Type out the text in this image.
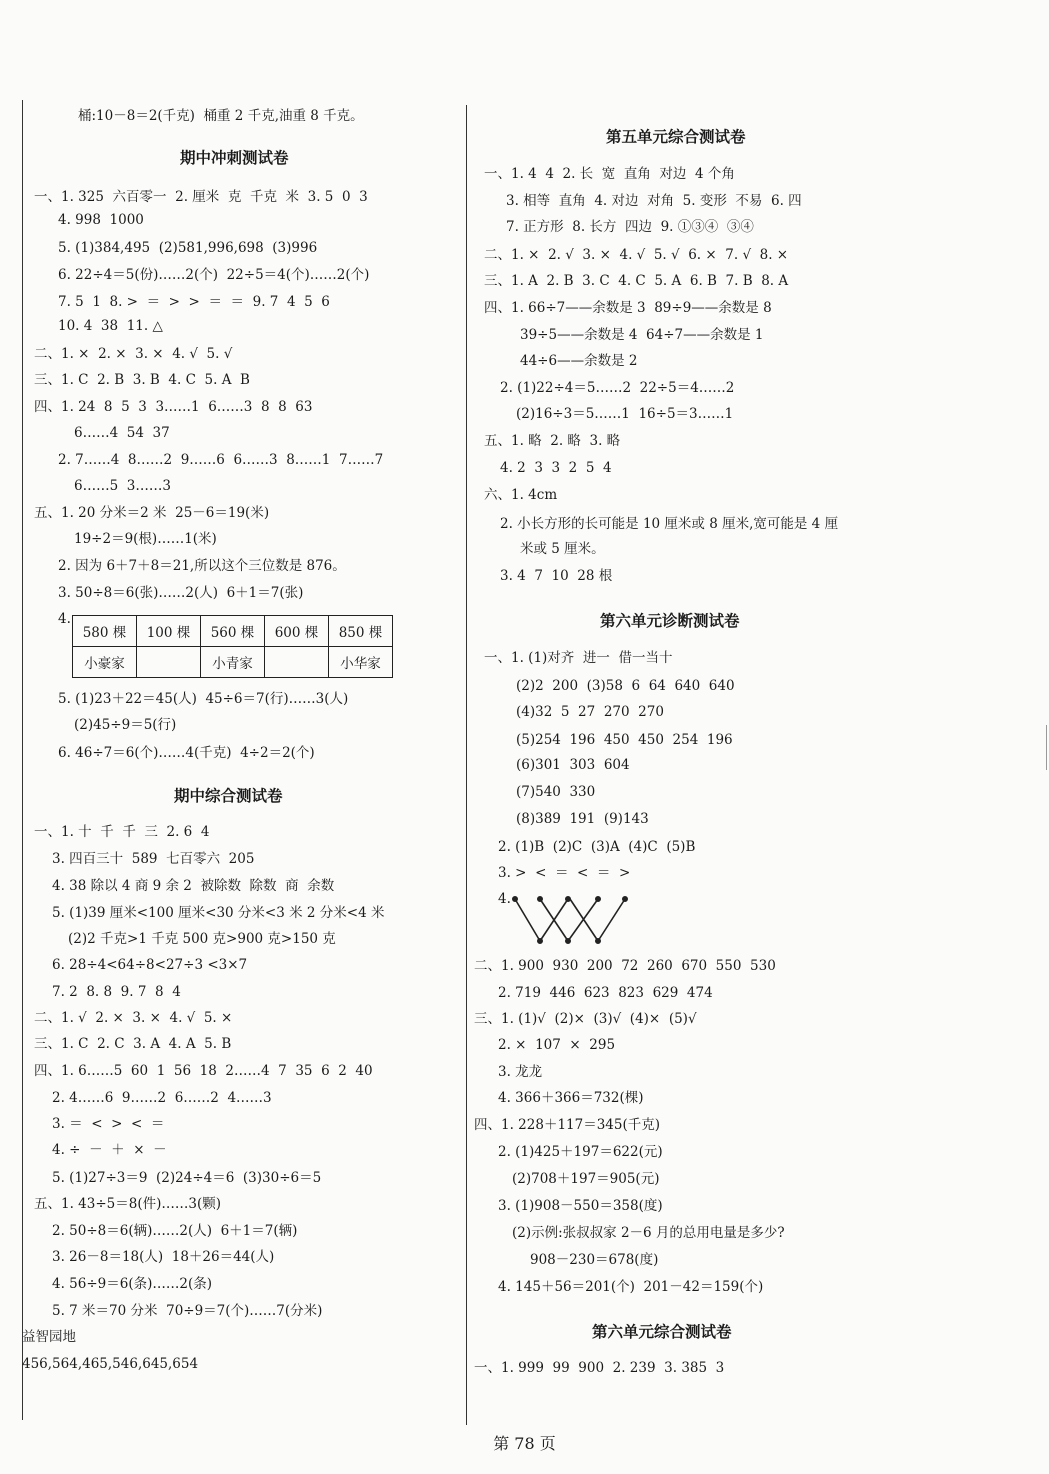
桶:10－8＝2(千克)  桶重 2 千克,油重 8 千克。
期中冲刺测试卷
一、1. 325  六百零一  2. 厘米  克  千克  米  3. 5  0  3
4. 998  1000
5. (1)384,495  (2)581,996,698  (3)996
6. 22÷4＝5(份)……2(个)  22÷5＝4(个)……2(个)
7. 5  1  8. >  ＝  >  >  ＝  ＝  9. 7  4  5  6
10. 4  38  11. △
二、1. ×  2. ×  3. ×  4. √  5. √
三、1. C  2. B  3. B  4. C  5. A  B
四、1. 24  8  5  3  3……1  6……3  8  8  63
6……4  54  37
2. 7……4  8……2  9……6  6……3  8……1  7……7
6……5  3……3
五、1. 20 分米＝2 米  25－6＝19(米)
19÷2＝9(根)……1(米)
2. 因为 6＋7＋8＝21,所以这个三位数是 876。
3. 50÷8＝6(张)……2(人)  6＋1＝7(张)
4.
580 棵	100 棵	560 棵	600 棵	850 棵
小豪家		小青家		小华家
5. (1)23＋22＝45(人)  45÷6＝7(行)……3(人)
(2)45÷9＝5(行)
6. 46÷7＝6(个)……4(千克)  4÷2＝2(个)
期中综合测试卷
一、1. 十  千  千  三  2. 6  4
3. 四百三十  589  七百零六  205
4. 38 除以 4 商 9 余 2  被除数  除数  商  余数
5. (1)39 厘米<100 厘米<30 分米<3 米 2 分米<4 米
(2)2 千克>1 千克 500 克>900 克>150 克
6. 28÷4<64÷8<27÷3 <3×7
7. 2  8. 8  9. 7  8  4
二、1. √  2. ×  3. ×  4. √  5. ×
三、1. C  2. C  3. A  4. A  5. B
四、1. 6……5  60  1  56  18  2……4  7  35  6  2  40
2. 4……6  9……2  6……2  4……3
3. ＝  <  >  <  ＝
4. ÷  －  ＋  ×  －
5. (1)27÷3＝9  (2)24÷4＝6  (3)30÷6＝5
五、1. 43÷5＝8(件)……3(颗)
2. 50÷8＝6(辆)……2(人)  6＋1＝7(辆)
3. 26－8＝18(人)  18＋26＝44(人)
4. 56÷9＝6(条)……2(条)
5. 7 米＝70 分米  70÷9＝7(个)……7(分米)
益智园地
456,564,465,546,645,654
第五单元综合测试卷
一、1. 4  4  2. 长  宽  直角  对边  4 个角
3. 相等  直角  4. 对边  对角  5. 变形  不易  6. 四
7. 正方形  8. 长方  四边  9. ①③④  ③④
二、1. ×  2. √  3. ×  4. √  5. √  6. ×  7. √  8. ×
三、1. A  2. B  3. C  4. C  5. A  6. B  7. B  8. A
四、1. 66÷7——余数是 3  89÷9——余数是 8
39÷5——余数是 4  64÷7——余数是 1
44÷6——余数是 2
2. (1)22÷4＝5……2  22÷5＝4……2
(2)16÷3＝5……1  16÷5＝3……1
五、1. 略  2. 略  3. 略
4. 2  3  3  2  5  4
六、1. 4cm
2. 小长方形的长可能是 10 厘米或 8 厘米,宽可能是 4 厘
米或 5 厘米。
3. 4  7  10  28 根
第六单元诊断测试卷
一、1. (1)对齐  进一  借一当十
(2)2  200  (3)58  6  64  640  640
(4)32  5  27  270  270
(5)254  196  450  450  254  196
(6)301  303  604
(7)540  330
(8)389  191  (9)143
2. (1)B  (2)C  (3)A  (4)C  (5)B
3. >  <  ＝  <  ＝  >
4.
二、1. 900  930  200  72  260  670  550  530
2. 719  446  623  823  629  474
三、1. (1)√  (2)×  (3)√  (4)×  (5)√
2. ×  107  ×  295
3. 龙龙
4. 366＋366＝732(棵)
四、1. 228＋117＝345(千克)
2. (1)425＋197＝622(元)
(2)708＋197＝905(元)
3. (1)908－550＝358(度)
(2)示例:张叔叔家 2－6 月的总用电量是多少?
908－230＝678(度)
4. 145＋56＝201(个)  201－42＝159(个)
第六单元综合测试卷
一、1. 999  99  900  2. 239  3. 385  3
第 78 页
